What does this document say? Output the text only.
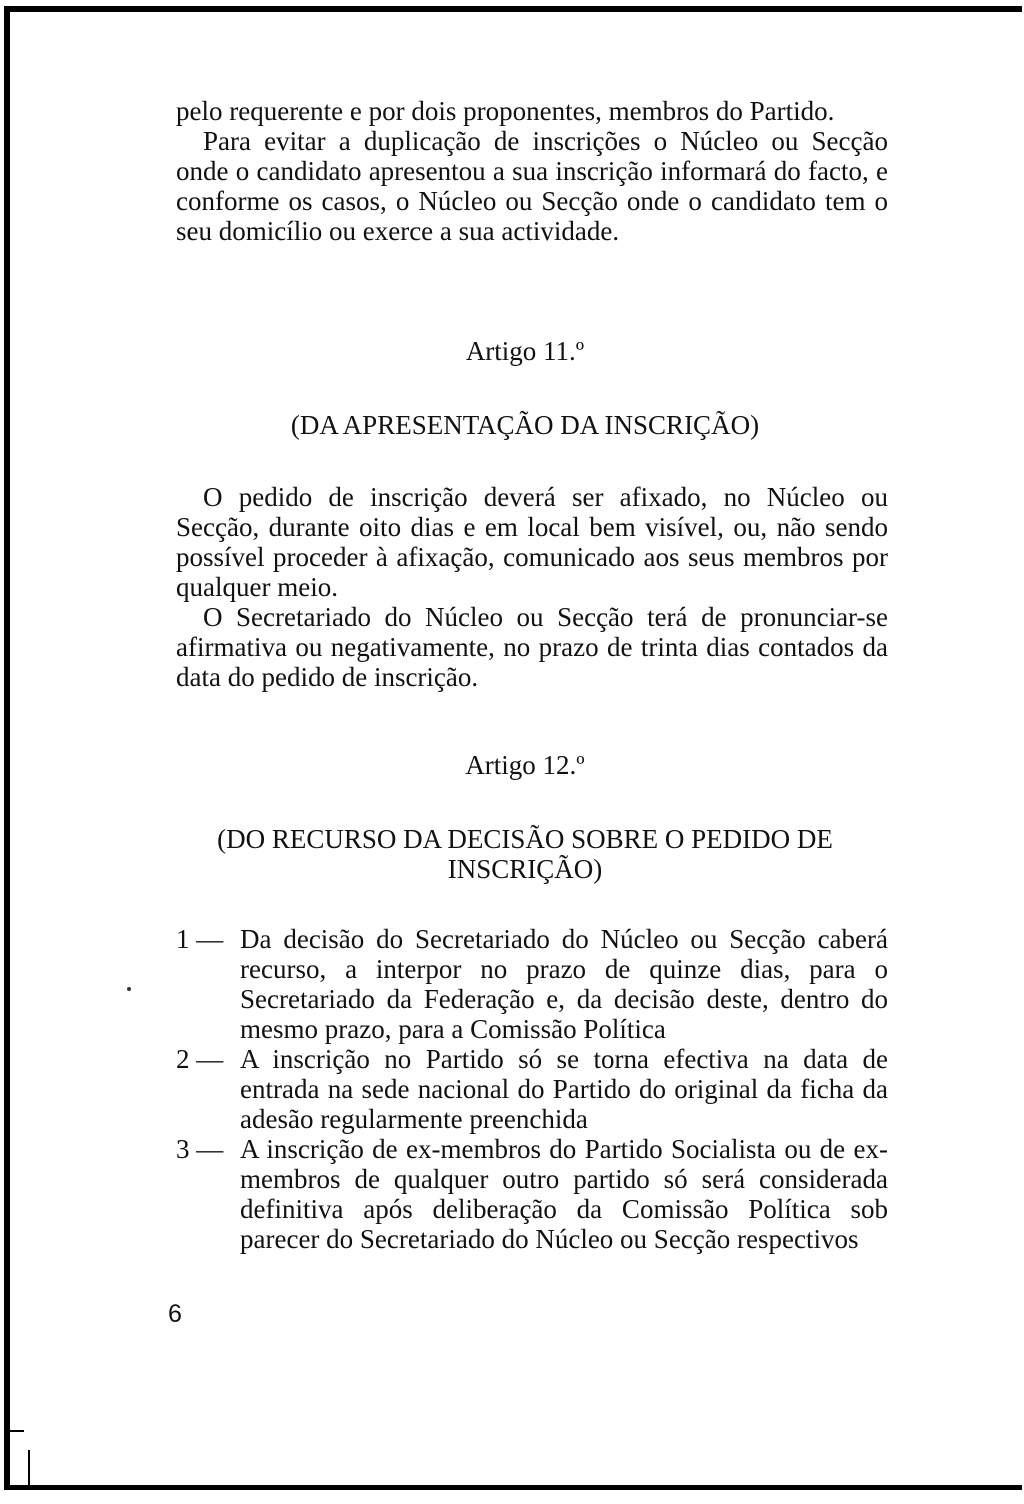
pelo requerente e por dois proponentes, membros do Partido.

Para evitar a duplicação de inscrições o Núcleo ou Secção onde o candidato apresentou a sua inscrição informará do facto, e conforme os casos, o Núcleo ou Secção onde o candidato tem o seu domicílio ou exerce a sua actividade.

Artigo 11.º
(DA APRESENTAÇÃO DA INSCRIÇÃO)

O pedido de inscrição deverá ser afixado, no Núcleo ou Secção, durante oito dias e em local bem visível, ou, não sendo possível proceder à afixação, comunicado aos seus membros por qualquer meio.

O Secretariado do Núcleo ou Secção terá de pronunciar-se afirmativa ou negativamente, no prazo de trinta dias contados da data do pedido de inscrição.

Artigo 12.º
(DO RECURSO DA DECISÃO SOBRE O PEDIDO DE
INSCRIÇÃO)

1 — Da decisão do Secretariado do Núcleo ou Secção caberá recurso, a interpor no prazo de quinze dias, para o Secretariado da Federação e, da decisão deste, dentro do mesmo prazo, para a Comissão Política

2 — A inscrição no Partido só se torna efectiva na data de entrada na sede nacional do Partido do original da ficha da adesão regularmente preenchida

3 — A inscrição de ex-membros do Partido Socialista ou de ex-membros de qualquer outro partido só será considerada definitiva após deliberação da Comissão Política sob parecer do Secretariado do Núcleo ou Secção respectivos

6
